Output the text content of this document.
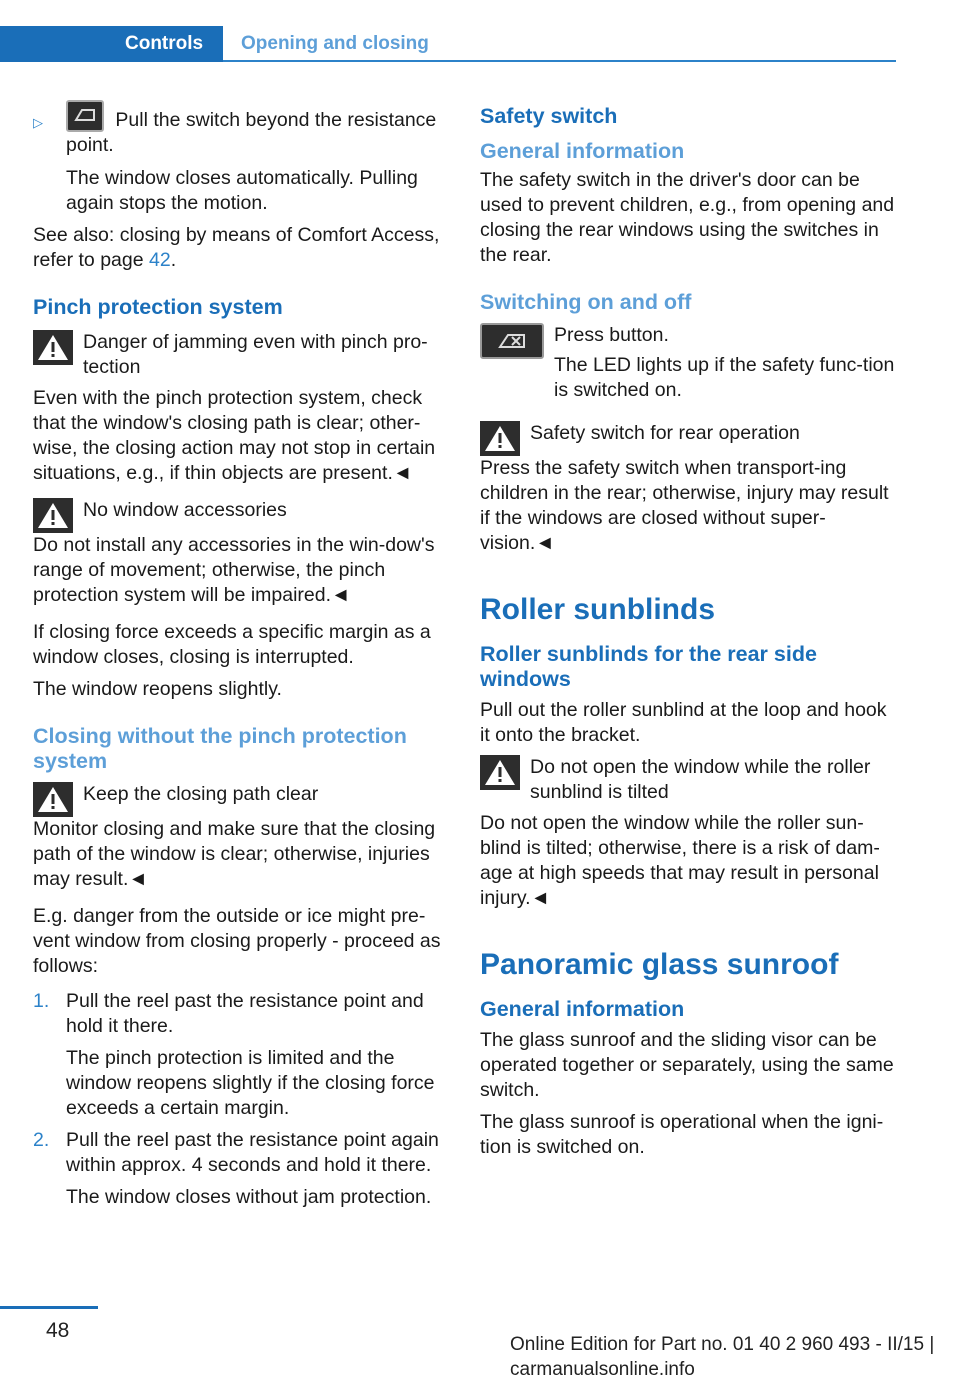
Controls	Opening and closing
▷	Pull the switch beyond the resistance point.

The window closes automatically. Pulling again stops the motion.

See also: closing by means of Comfort Access, refer to page 42.

Pinch protection system

Danger of jamming even with pinch pro-tection

Even with the pinch protection system, check that the window's closing path is clear; other-wise, the closing action may not stop in certain situations, e.g., if thin objects are present.◄

No window accessories

Do not install any accessories in the win-dow's range of movement; otherwise, the pinch protection system will be impaired.◄

If closing force exceeds a specific margin as a window closes, closing is interrupted.

The window reopens slightly.

Closing without the pinch protection system

Keep the closing path clear

Monitor closing and make sure that the closing path of the window is clear; otherwise, injuries may result.◄

E.g. danger from the outside or ice might pre-vent window from closing properly - proceed as follows:

1. Pull the reel past the resistance point and hold it there.

The pinch protection is limited and the window reopens slightly if the closing force exceeds a certain margin.

2. Pull the reel past the resistance point again within approx. 4 seconds and hold it there.

The window closes without jam protection.

Safety switch
General information

The safety switch in the driver's door can be used to prevent children, e.g., from opening and closing the rear windows using the switches in the rear.

Switching on and off

Press button.

The LED lights up if the safety func-tion is switched on.

Safety switch for rear operation

Press the safety switch when transport-ing children in the rear; otherwise, injury may result if the windows are closed without super-vision.◄

Roller sunblinds
Roller sunblinds for the rear side windows

Pull out the roller sunblind at the loop and hook it onto the bracket.

Do not open the window while the roller sunblind is tilted

Do not open the window while the roller sun-blind is tilted; otherwise, there is a risk of dam-age at high speeds that may result in personal injury.◄

Panoramic glass sunroof
General information

The glass sunroof and the sliding visor can be operated together or separately, using the same switch.

The glass sunroof is operational when the igni-tion is switched on.

48
Online Edition for Part no. 01 40 2 960 493 - II/15 | carmanualsonline.info
